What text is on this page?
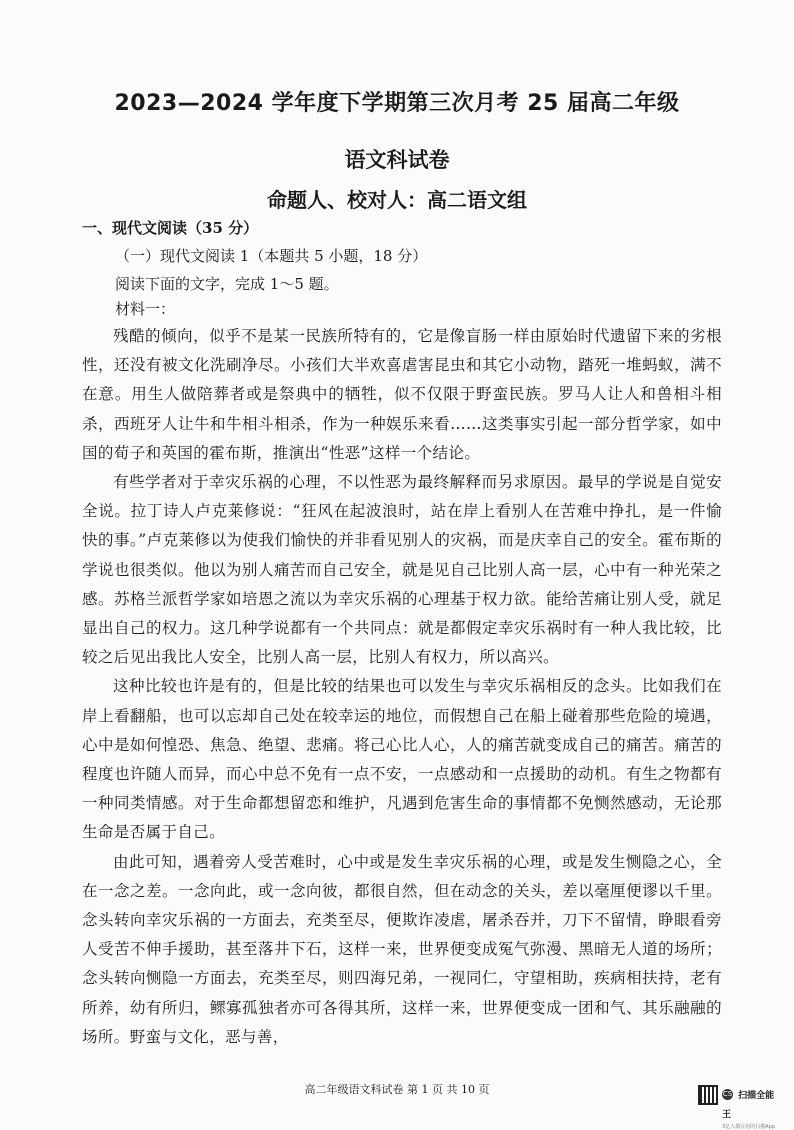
2023—2024 学年度下学期第三次月考 25 届高二年级
语文科试卷
命题人、校对人：高二语文组
一、现代文阅读（35 分）
（一）现代文阅读 1（本题共 5 小题，18 分）
阅读下面的文字，完成 1～5 题。
材料一：

残酷的倾向，似乎不是某一民族所特有的，它是像盲肠一样由原始时代遗留下来的劣根性，还没有被文化洗刷净尽。小孩们大半欢喜虐害昆虫和其它小动物，踏死一堆蚂蚁，满不在意。用生人做陪葬者或是祭典中的牺牲，似不仅限于野蛮民族。罗马人让人和兽相斗相杀，西班牙人让牛和牛相斗相杀，作为一种娱乐来看……这类事实引起一部分哲学家，如中国的荀子和英国的霍布斯，推演出“性恶”这样一个结论。

有些学者对于幸灾乐祸的心理，不以性恶为最终解释而另求原因。最早的学说是自觉安全说。拉丁诗人卢克莱修说：“狂风在起波浪时，站在岸上看别人在苦难中挣扎，是一件愉快的事。”卢克莱修以为使我们愉快的并非看见别人的灾祸，而是庆幸自己的安全。霍布斯的学说也很类似。他以为别人痛苦而自己安全，就是见自己比别人高一层，心中有一种光荣之感。苏格兰派哲学家如培恩之流以为幸灾乐祸的心理基于权力欲。能给苦痛让别人受，就足显出自己的权力。这几种学说都有一个共同点：就是都假定幸灾乐祸时有一种人我比较，比较之后见出我比人安全，比别人高一层，比别人有权力，所以高兴。

这种比较也许是有的，但是比较的结果也可以发生与幸灾乐祸相反的念头。比如我们在岸上看翻船，也可以忘却自己处在较幸运的地位，而假想自己在船上碰着那些危险的境遇，心中是如何惶恐、焦急、绝望、悲痛。将己心比人心，人的痛苦就变成自己的痛苦。痛苦的程度也许随人而异，而心中总不免有一点不安，一点感动和一点援助的动机。有生之物都有一种同类情感。对于生命都想留恋和维护，凡遇到危害生命的事情都不免恻然感动，无论那生命是否属于自己。

由此可知，遇着旁人受苦难时，心中或是发生幸灾乐祸的心理，或是发生恻隐之心，全在一念之差。一念向此，或一念向彼，都很自然，但在动念的关头，差以毫厘便谬以千里。念头转向幸灾乐祸的一方面去，充类至尽，便欺诈凌虐，屠杀吞并，刀下不留情，睁眼看旁人受苦不伸手援助，甚至落井下石，这样一来，世界便变成冤气弥漫、黑暗无人道的场所；念头转向恻隐一方面去，充类至尽，则四海兄弟，一视同仁，守望相助，疾病相扶持，老有所养，幼有所归，鳏寡孤独者亦可各得其所，这样一来，世界便变成一团和气、其乐融融的场所。野蛮与文化，恶与善，

高二年级语文科试卷 第 1 页 共 10 页	CS 扫描全能王
3亿人都在用的扫描App
